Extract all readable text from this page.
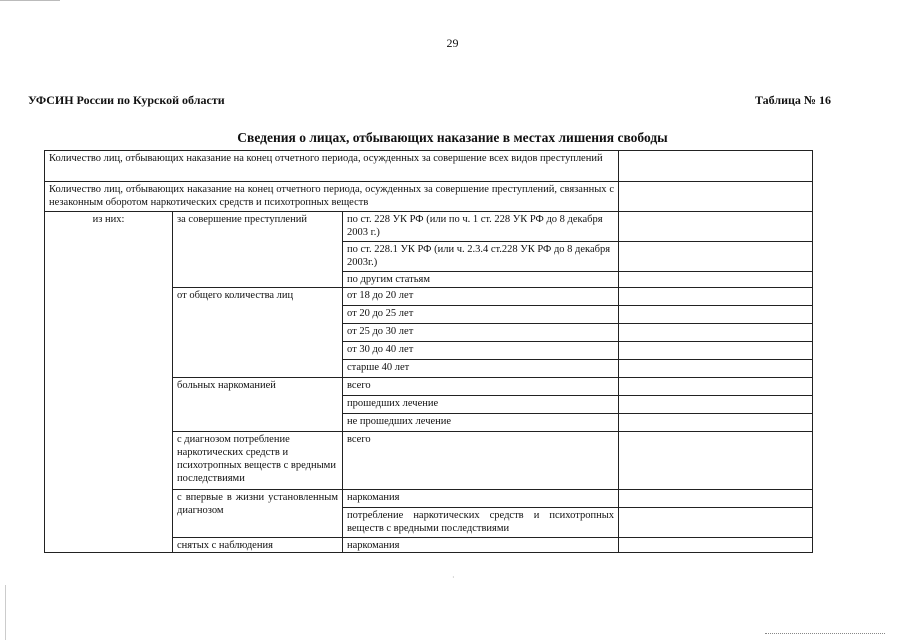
29
УФСИН России по Курской области	Таблица № 16
Сведения о лицах, отбывающих наказание в местах лишения свободы
Количество лиц, отбывающих наказание на конец отчетного периода, осужденных за совершение всех видов преступлений			
Количество лиц, отбывающих наказание на конец отчетного периода, осужденных за совершение преступлений, связанных с незаконным оборотом наркотических средств и психотропных веществ			
из них:	за совершение преступлений	по ст. 228 УК РФ (или по ч. 1 ст. 228 УК РФ до 8 декабря 2003 г.)	
		по ст. 228.1 УК РФ (или ч. 2.3.4 ст.228 УК РФ до 8 декабря 2003г.)	
		по другим статьям	
	от общего количества лиц	от 18 до 20 лет	
		от 20 до 25 лет	
		от 25 до 30 лет	
		от 30 до 40 лет	
		старше 40 лет	
	больных наркоманией	всего	
		прошедших лечение	
		не прошедших лечение	
	с диагнозом потребление наркотических средств и психотропных веществ с вредными последствиями	всего	
	с впервые в жизни установленным диагнозом	наркомания	
		потребление наркотических средств и психотропных веществ с вредными последствиями	
	снятых с наблюдения	наркомания	
·
